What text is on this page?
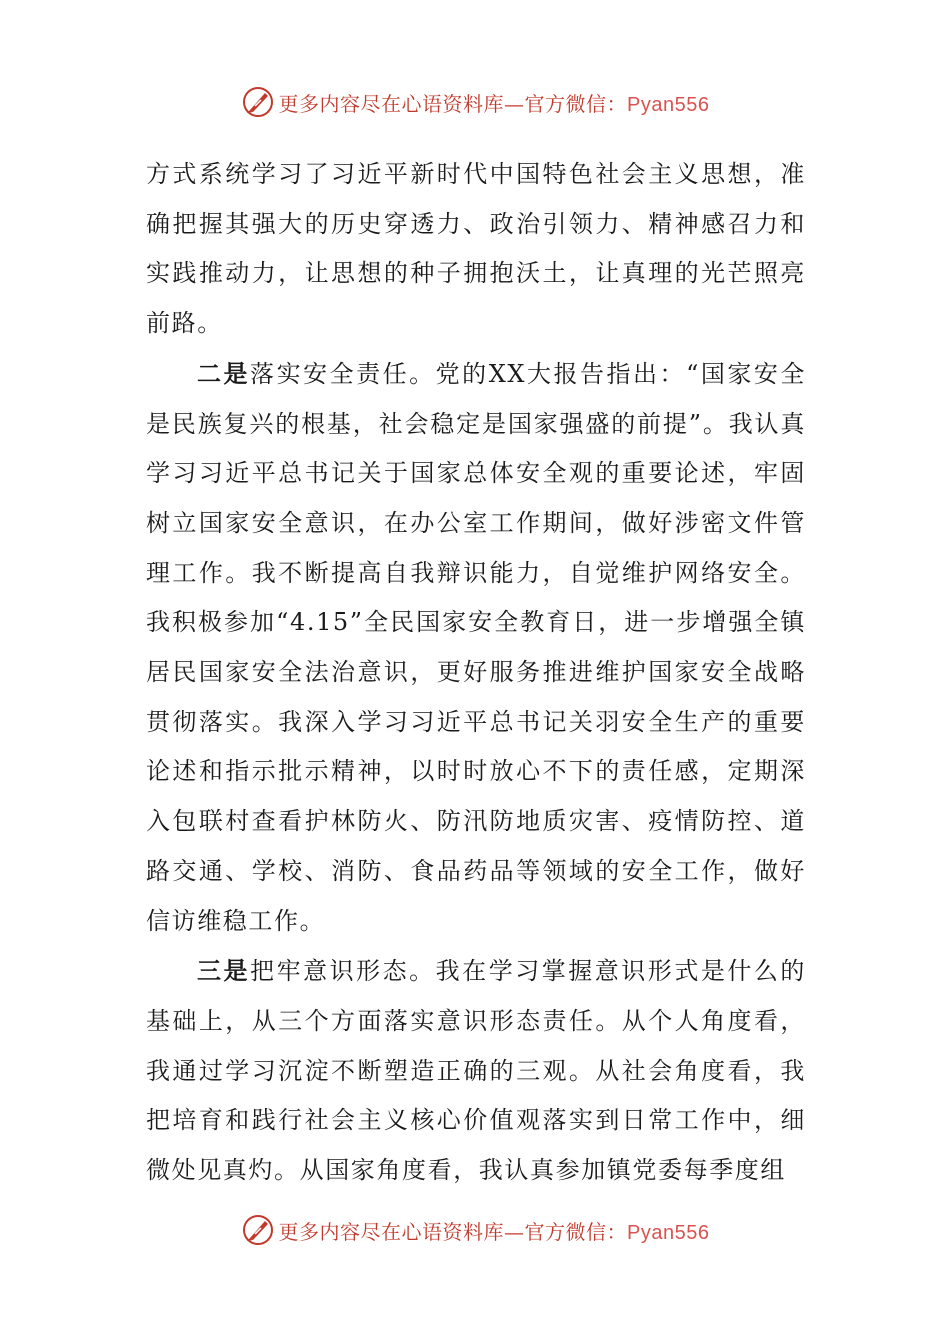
更多内容尽在心语资料库—官方微信：Pyan556

方式系统学习了习近平新时代中国特色社会主义思想，准确把握其强大的历史穿透力、政治引领力、精神感召力和实践推动力，让思想的种子拥抱沃土，让真理的光芒照亮前路。

二是落实安全责任。党的XX大报告指出：“国家安全是民族复兴的根基，社会稳定是国家强盛的前提”。我认真学习习近平总书记关于国家总体安全观的重要论述，牢固树立国家安全意识，在办公室工作期间，做好涉密文件管理工作。我不断提高自我辩识能力，自觉维护网络安全。我积极参加“4.15”全民国家安全教育日，进一步增强全镇居民国家安全法治意识，更好服务推进维护国家安全战略贯彻落实。我深入学习习近平总书记关羽安全生产的重要论述和指示批示精神，以时时放心不下的责任感，定期深入包联村查看护林防火、防汛防地质灾害、疫情防控、道路交通、学校、消防、食品药品等领域的安全工作，做好信访维稳工作。

三是把牢意识形态。我在学习掌握意识形式是什么的基础上，从三个方面落实意识形态责任。从个人角度看，我通过学习沉淀不断塑造正确的三观。从社会角度看，我把培育和践行社会主义核心价值观落实到日常工作中，细微处见真灼。从国家角度看，我认真参加镇党委每季度组

更多内容尽在心语资料库—官方微信：Pyan556
